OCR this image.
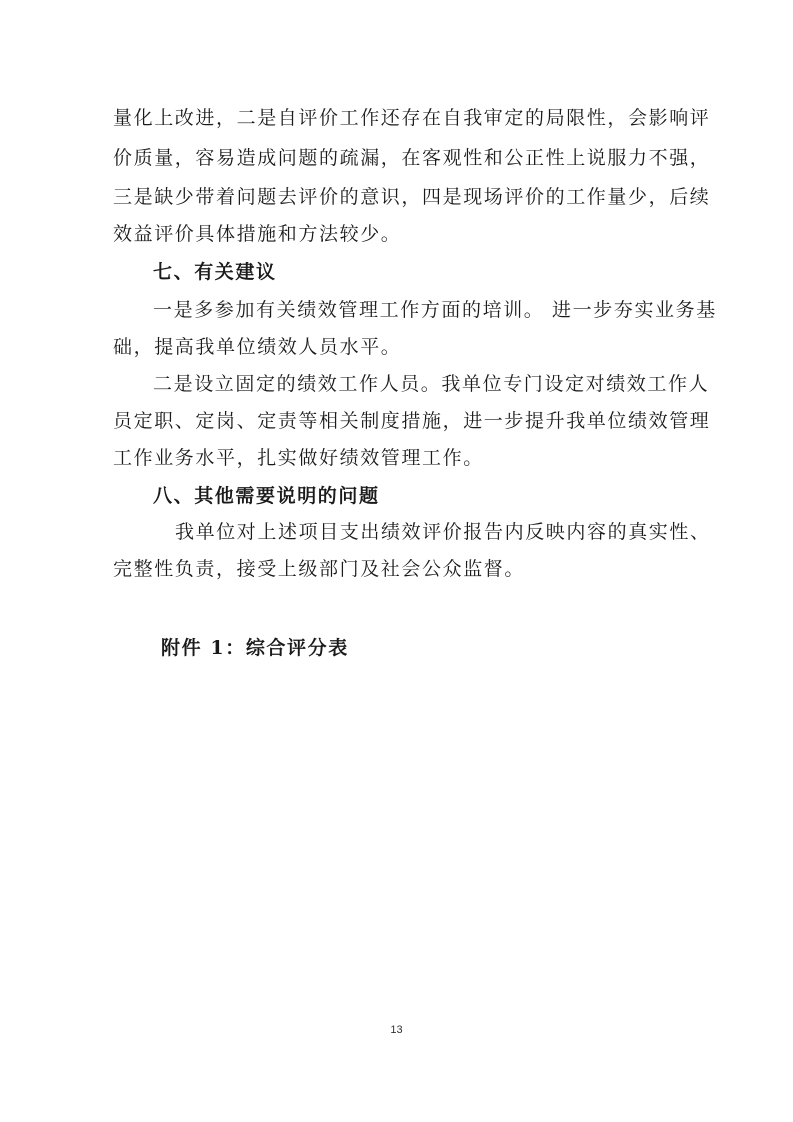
量化上改进，二是自评价工作还存在自我审定的局限性，会影响评
价质量，容易造成问题的疏漏，在客观性和公正性上说服力不强，
三是缺少带着问题去评价的意识，四是现场评价的工作量少，后续
效益评价具体措施和方法较少。
七、有关建议
一是多参加有关绩效管理工作方面的培训。 进一步夯实业务基
础，提高我单位绩效人员水平。
二是设立固定的绩效工作人员。我单位专门设定对绩效工作人
员定职、定岗、定责等相关制度措施，进一步提升我单位绩效管理
工作业务水平，扎实做好绩效管理工作。
八、其他需要说明的问题
我单位对上述项目支出绩效评价报告内反映内容的真实性、
完整性负责，接受上级部门及社会公众监督。
附件 1：综合评分表
13
